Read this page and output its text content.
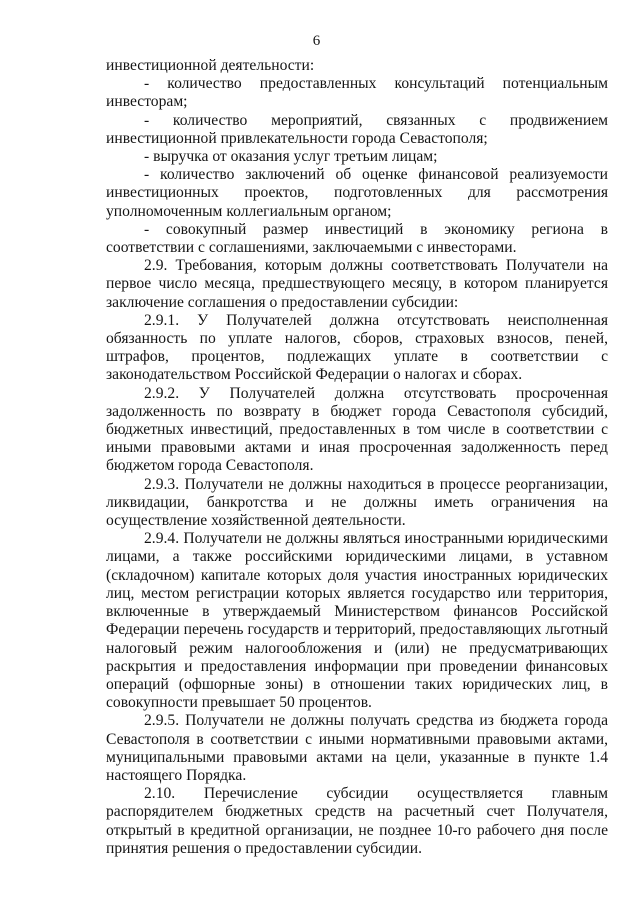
6

инвестиционной деятельности:

- количество предоставленных консультаций потенциальным инвесторам;

- количество мероприятий, связанных с продвижением инвестиционной привлекательности города Севастополя;

- выручка от оказания услуг третьим лицам;

- количество заключений об оценке финансовой реализуемости инвестиционных проектов, подготовленных для рассмотрения уполномоченным коллегиальным органом;

- совокупный размер инвестиций в экономику региона в соответствии с соглашениями, заключаемыми с инвесторами.

2.9. Требования, которым должны соответствовать Получатели на первое число месяца, предшествующего месяцу, в котором планируется заключение соглашения о предоставлении субсидии:

2.9.1. У Получателей должна отсутствовать неисполненная обязанность по уплате налогов, сборов, страховых взносов, пеней, штрафов, процентов, подлежащих уплате в соответствии с законодательством Российской Федерации о налогах и сборах.

2.9.2. У Получателей должна отсутствовать просроченная задолженность по возврату в бюджет города Севастополя субсидий, бюджетных инвестиций, предоставленных в том числе в соответствии с иными правовыми актами и иная просроченная задолженность перед бюджетом города Севастополя.

2.9.3. Получатели не должны находиться в процессе реорганизации, ликвидации, банкротства и не должны иметь ограничения на осуществление хозяйственной деятельности.

2.9.4. Получатели не должны являться иностранными юридическими лицами, а также российскими юридическими лицами, в уставном (складочном) капитале которых доля участия иностранных юридических лиц, местом регистрации которых является государство или территория, включенные в утверждаемый Министерством финансов Российской Федерации перечень государств и территорий, предоставляющих льготный налоговый режим налогообложения и (или) не предусматривающих раскрытия и предоставления информации при проведении финансовых операций (офшорные зоны) в отношении таких юридических лиц, в совокупности превышает 50 процентов.

2.9.5. Получатели не должны получать средства из бюджета города Севастополя в соответствии с иными нормативными правовыми актами, муниципальными правовыми актами на цели, указанные в пункте 1.4 настоящего Порядка.

2.10. Перечисление субсидии осуществляется главным распорядителем бюджетных средств на расчетный счет Получателя, открытый в кредитной организации, не позднее 10-го рабочего дня после принятия решения о предоставлении субсидии.
